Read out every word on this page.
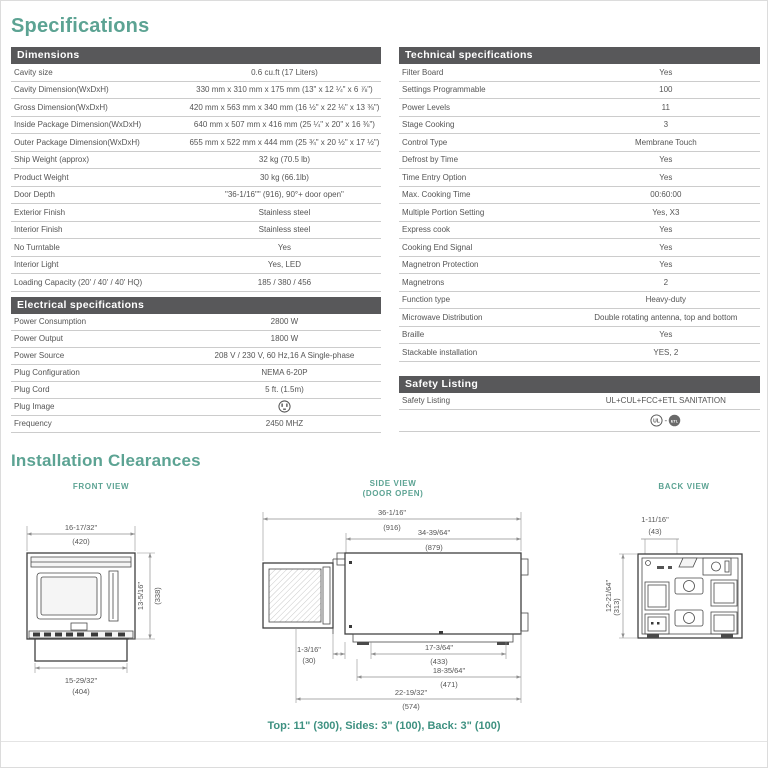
Specifications
Dimensions
Cavity size	0.6 cu.ft (17 Liters)
Cavity Dimension(WxDxH)	330 mm x 310 mm x 175 mm (13" x 12 ¼" x 6 ⅞")
Gross Dimension(WxDxH)	420 mm x 563 mm x 340 mm (16 ½" x 22 ⅛" x 13 ⅜")
Inside Package Dimension(WxDxH)	640 mm x 507 mm x 416 mm (25 ¼" x 20" x 16 ⅜")
Outer Package Dimension(WxDxH)	655 mm x 522 mm x 444 mm (25 ¾" x 20 ½" x 17 ½")
Ship Weight (approx)	32 kg (70.5 lb)
Product Weight	30 kg (66.1lb)
Door Depth	"36-1/16"" (916), 90°+ door open"
Exterior Finish	Stainless steel
Interior Finish	Stainless steel
No Turntable	Yes
Interior Light	Yes, LED
Loading Capacity (20' / 40' / 40' HQ)	185 / 380 / 456
Electrical specifications
Power Consumption	2800 W
Power Output	1800 W
Power Source	208 V / 230 V, 60 Hz,16 A Single-phase
Plug Configuration	NEMA 6-20P
Plug Cord	5 ft. (1.5m)
Plug Image
Frequency	2450 MHZ
Technical specifications
Filter Board	Yes
Settings Programmable	100
Power Levels	11
Stage Cooking	3
Control Type	Membrane Touch
Defrost by Time	Yes
Time Entry Option	Yes
Max. Cooking Time	00:60:00
Multiple Portion Setting	Yes, X3
Express cook	Yes
Cooking End Signal	Yes
Magnetron Protection	Yes
Magnetrons	2
Function type	Heavy-duty
Microwave Distribution	Double rotating antenna, top and bottom
Braille	Yes
Stackable installation	YES, 2
Safety Listing
Safety Listing	UL+CUL+FCC+ETL SANITATION
UL - ETL
Installation Clearances
FRONT VIEW	SIDE VIEW
(DOOR OPEN)
BACK VIEW
16-17/32"
(420)
15-29/32"
(404)
13-5/16" (338)
36-1/16"
(916)
34-39/64"
(879)
1-3/16"
(30)
17-3/64"
(433)
18-35/64"
(471)
22-19/32"
(574)
1-11/16"
(43)
12-21/64" (313)
Top: 11" (300), Sides: 3" (100), Back: 3" (100)
